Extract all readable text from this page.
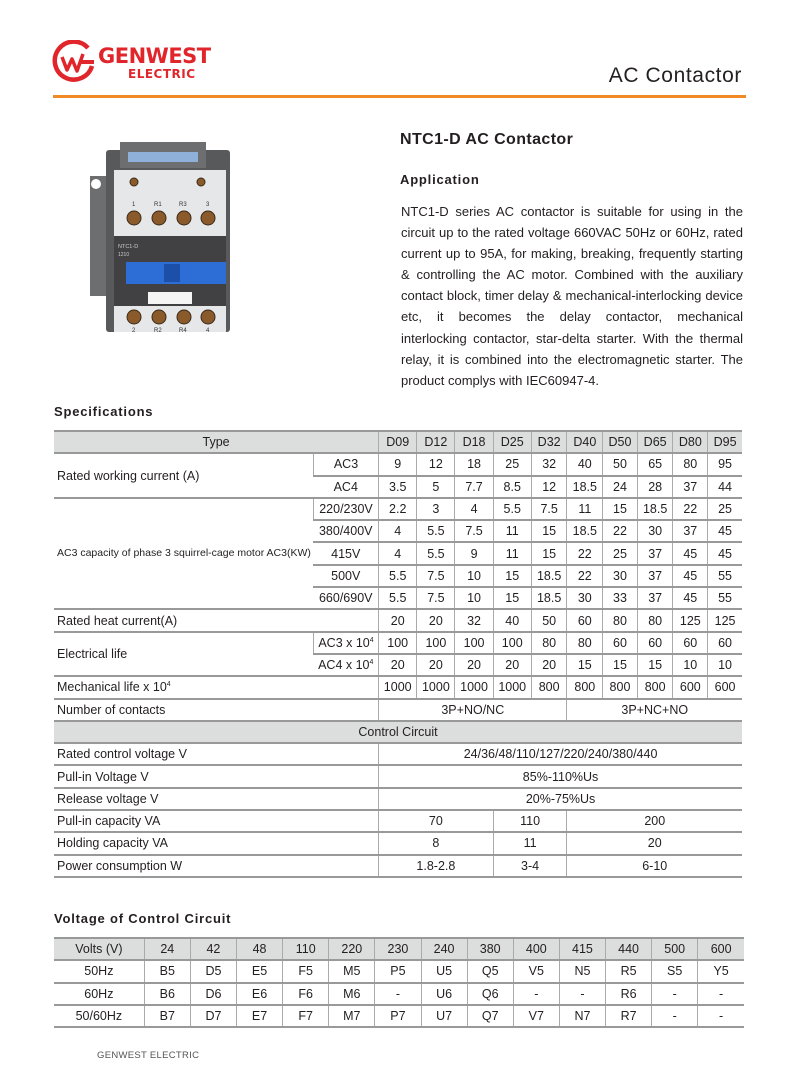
GENWEST
ELECTRIC	AC Contactor
1	R1	R3	3
NTC1-D
1210
2	R2	R4	4
NTC1-D AC Contactor
Application
NTC1-D series AC contactor is suitable for using in the circuit up to the rated voltage 660VAC 50Hz or 60Hz, rated current up to 95A, for making, breaking, frequently starting & controlling the AC motor. Combined with the auxiliary contact block, timer delay & mechanical-interlocking device etc, it becomes the delay contactor, mechanical interlocking contactor, star-delta starter. With the thermal relay, it is combined into the electromagnetic starter. The product complys with IEC60947-4.
Specifications
Type		D09	D12	D18	D25	D32	D40	D50	D65	D80	D95
Rated working current (A)	AC3	9	12	18	25	32	40	50	65	80	95
	AC4	3.5	5	7.7	8.5	12	18.5	24	28	37	44
AC3 capacity of phase 3 squirrel-cage motor AC3(KW)	220/230V	2.2	3	4	5.5	7.5	11	15	18.5	22	25
	380/400V	4	5.5	7.5	11	15	18.5	22	30	37	45
	415V	4	5.5	9	11	15	22	25	37	45	45
	500V	5.5	7.5	10	15	18.5	22	30	37	45	55
	660/690V	5.5	7.5	10	15	18.5	30	33	37	45	55
Rated heat current(A)		20	20	32	40	50	60	80	80	125	125
Electrical life	AC3 x $10^4$	100	100	100	100	80	80	60	60	60	60
	AC4 x $10^4$	20	20	20	20	20	15	15	15	10	10
Mechanical life x $10^4$		1000	1000	1000	1000	800	800	800	800	600	600
Number of contacts		3P+NO/NC					3P+NC+NO				
Control Circuit											
Rated control voltage V		24/36/48/110/127/220/240/380/440									
Pull-in Voltage V		85%-110%Us									
Release voltage V		20%-75%Us									
Pull-in capacity VA		70			110		200				
Holding capacity VA		8			11		20				
Power consumption W		1.8-2.8			3-4		6-10				
Voltage of Control Circuit
Volts (V)	24	42	48	110	220	230	240	380	400	415	440	500	600
50Hz	B5	D5	E5	F5	M5	P5	U5	Q5	V5	N5	R5	S5	Y5
60Hz	B6	D6	E6	F6	M6	-	U6	Q6	-	-	R6	-	-
50/60Hz	B7	D7	E7	F7	M7	P7	U7	Q7	V7	N7	R7	-	-
GENWEST ELECTRIC
